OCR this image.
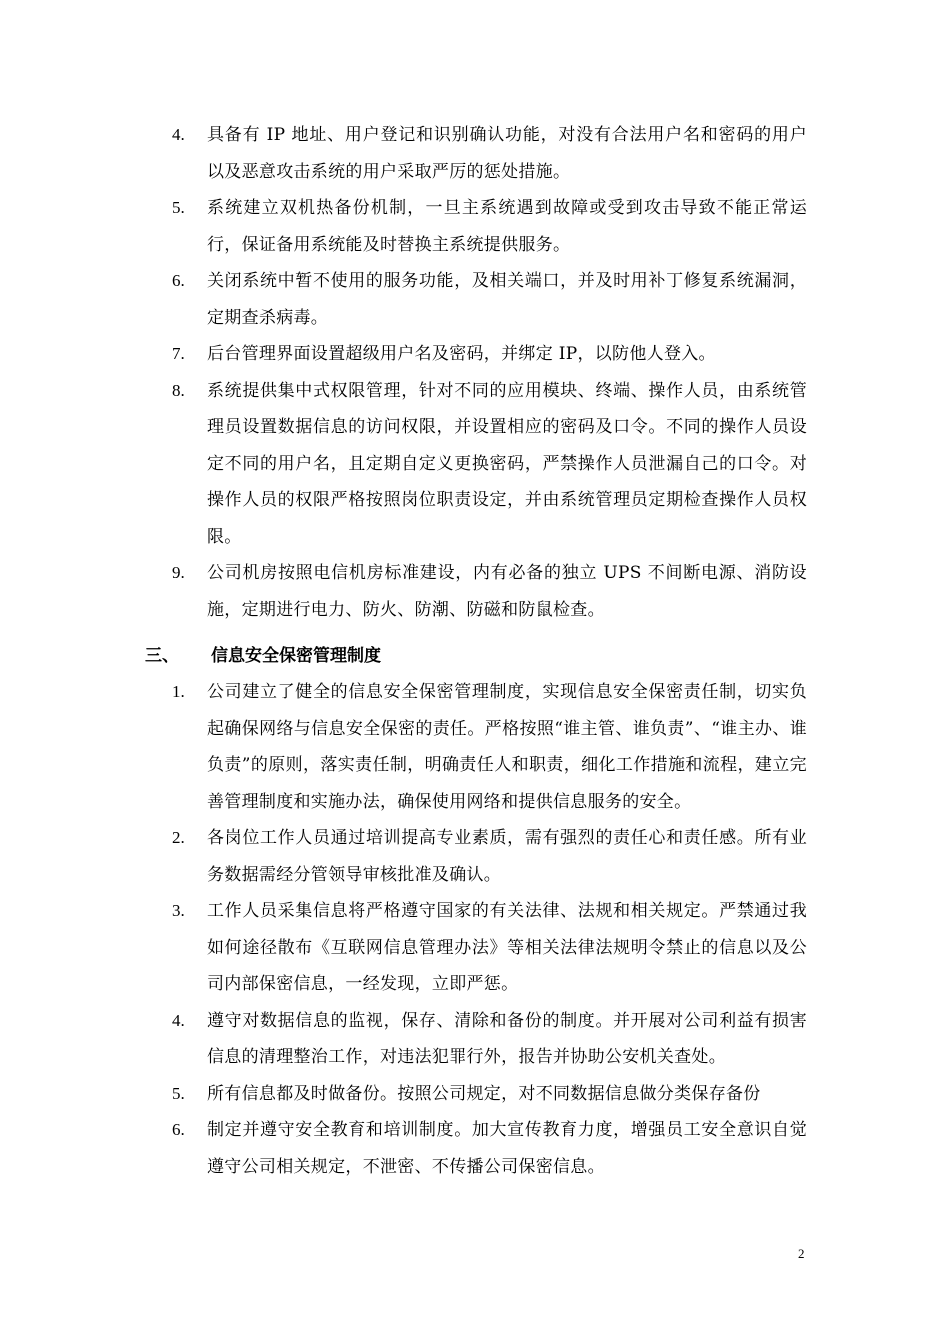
4.	具备有 IP 地址、用户登记和识别确认功能，对没有合法用户名和密码的用户以及恶意攻击系统的用户采取严厉的惩处措施。
5.	系统建立双机热备份机制，一旦主系统遇到故障或受到攻击导致不能正常运行，保证备用系统能及时替换主系统提供服务。
6.	关闭系统中暂不使用的服务功能，及相关端口，并及时用补丁修复系统漏洞，定期查杀病毒。
7.	后台管理界面设置超级用户名及密码，并绑定 IP，以防他人登入。
8.	系统提供集中式权限管理，针对不同的应用模块、终端、操作人员，由系统管理员设置数据信息的访问权限，并设置相应的密码及口令。不同的操作人员设定不同的用户名，且定期自定义更换密码，严禁操作人员泄漏自己的口令。对操作人员的权限严格按照岗位职责设定，并由系统管理员定期检查操作人员权限。
9.	公司机房按照电信机房标准建设，内有必备的独立 UPS 不间断电源、消防设施，定期进行电力、防火、防潮、防磁和防鼠检查。
三、 信息安全保密管理制度
1.	公司建立了健全的信息安全保密管理制度，实现信息安全保密责任制，切实负起确保网络与信息安全保密的责任。严格按照“谁主管、谁负责”、“谁主办、谁负责”的原则，落实责任制，明确责任人和职责，细化工作措施和流程，建立完善管理制度和实施办法，确保使用网络和提供信息服务的安全。
2.	各岗位工作人员通过培训提高专业素质，需有强烈的责任心和责任感。所有业务数据需经分管领导审核批准及确认。
3.	工作人员采集信息将严格遵守国家的有关法律、法规和相关规定。严禁通过我如何途径散布《互联网信息管理办法》等相关法律法规明令禁止的信息以及公司内部保密信息，一经发现，立即严惩。
4.	遵守对数据信息的监视，保存、清除和备份的制度。并开展对公司利益有损害信息的清理整治工作，对违法犯罪行外，报告并协助公安机关查处。
5.	所有信息都及时做备份。按照公司规定，对不同数据信息做分类保存备份
6.	制定并遵守安全教育和培训制度。加大宣传教育力度，增强员工安全意识自觉遵守公司相关规定，不泄密、不传播公司保密信息。
2
